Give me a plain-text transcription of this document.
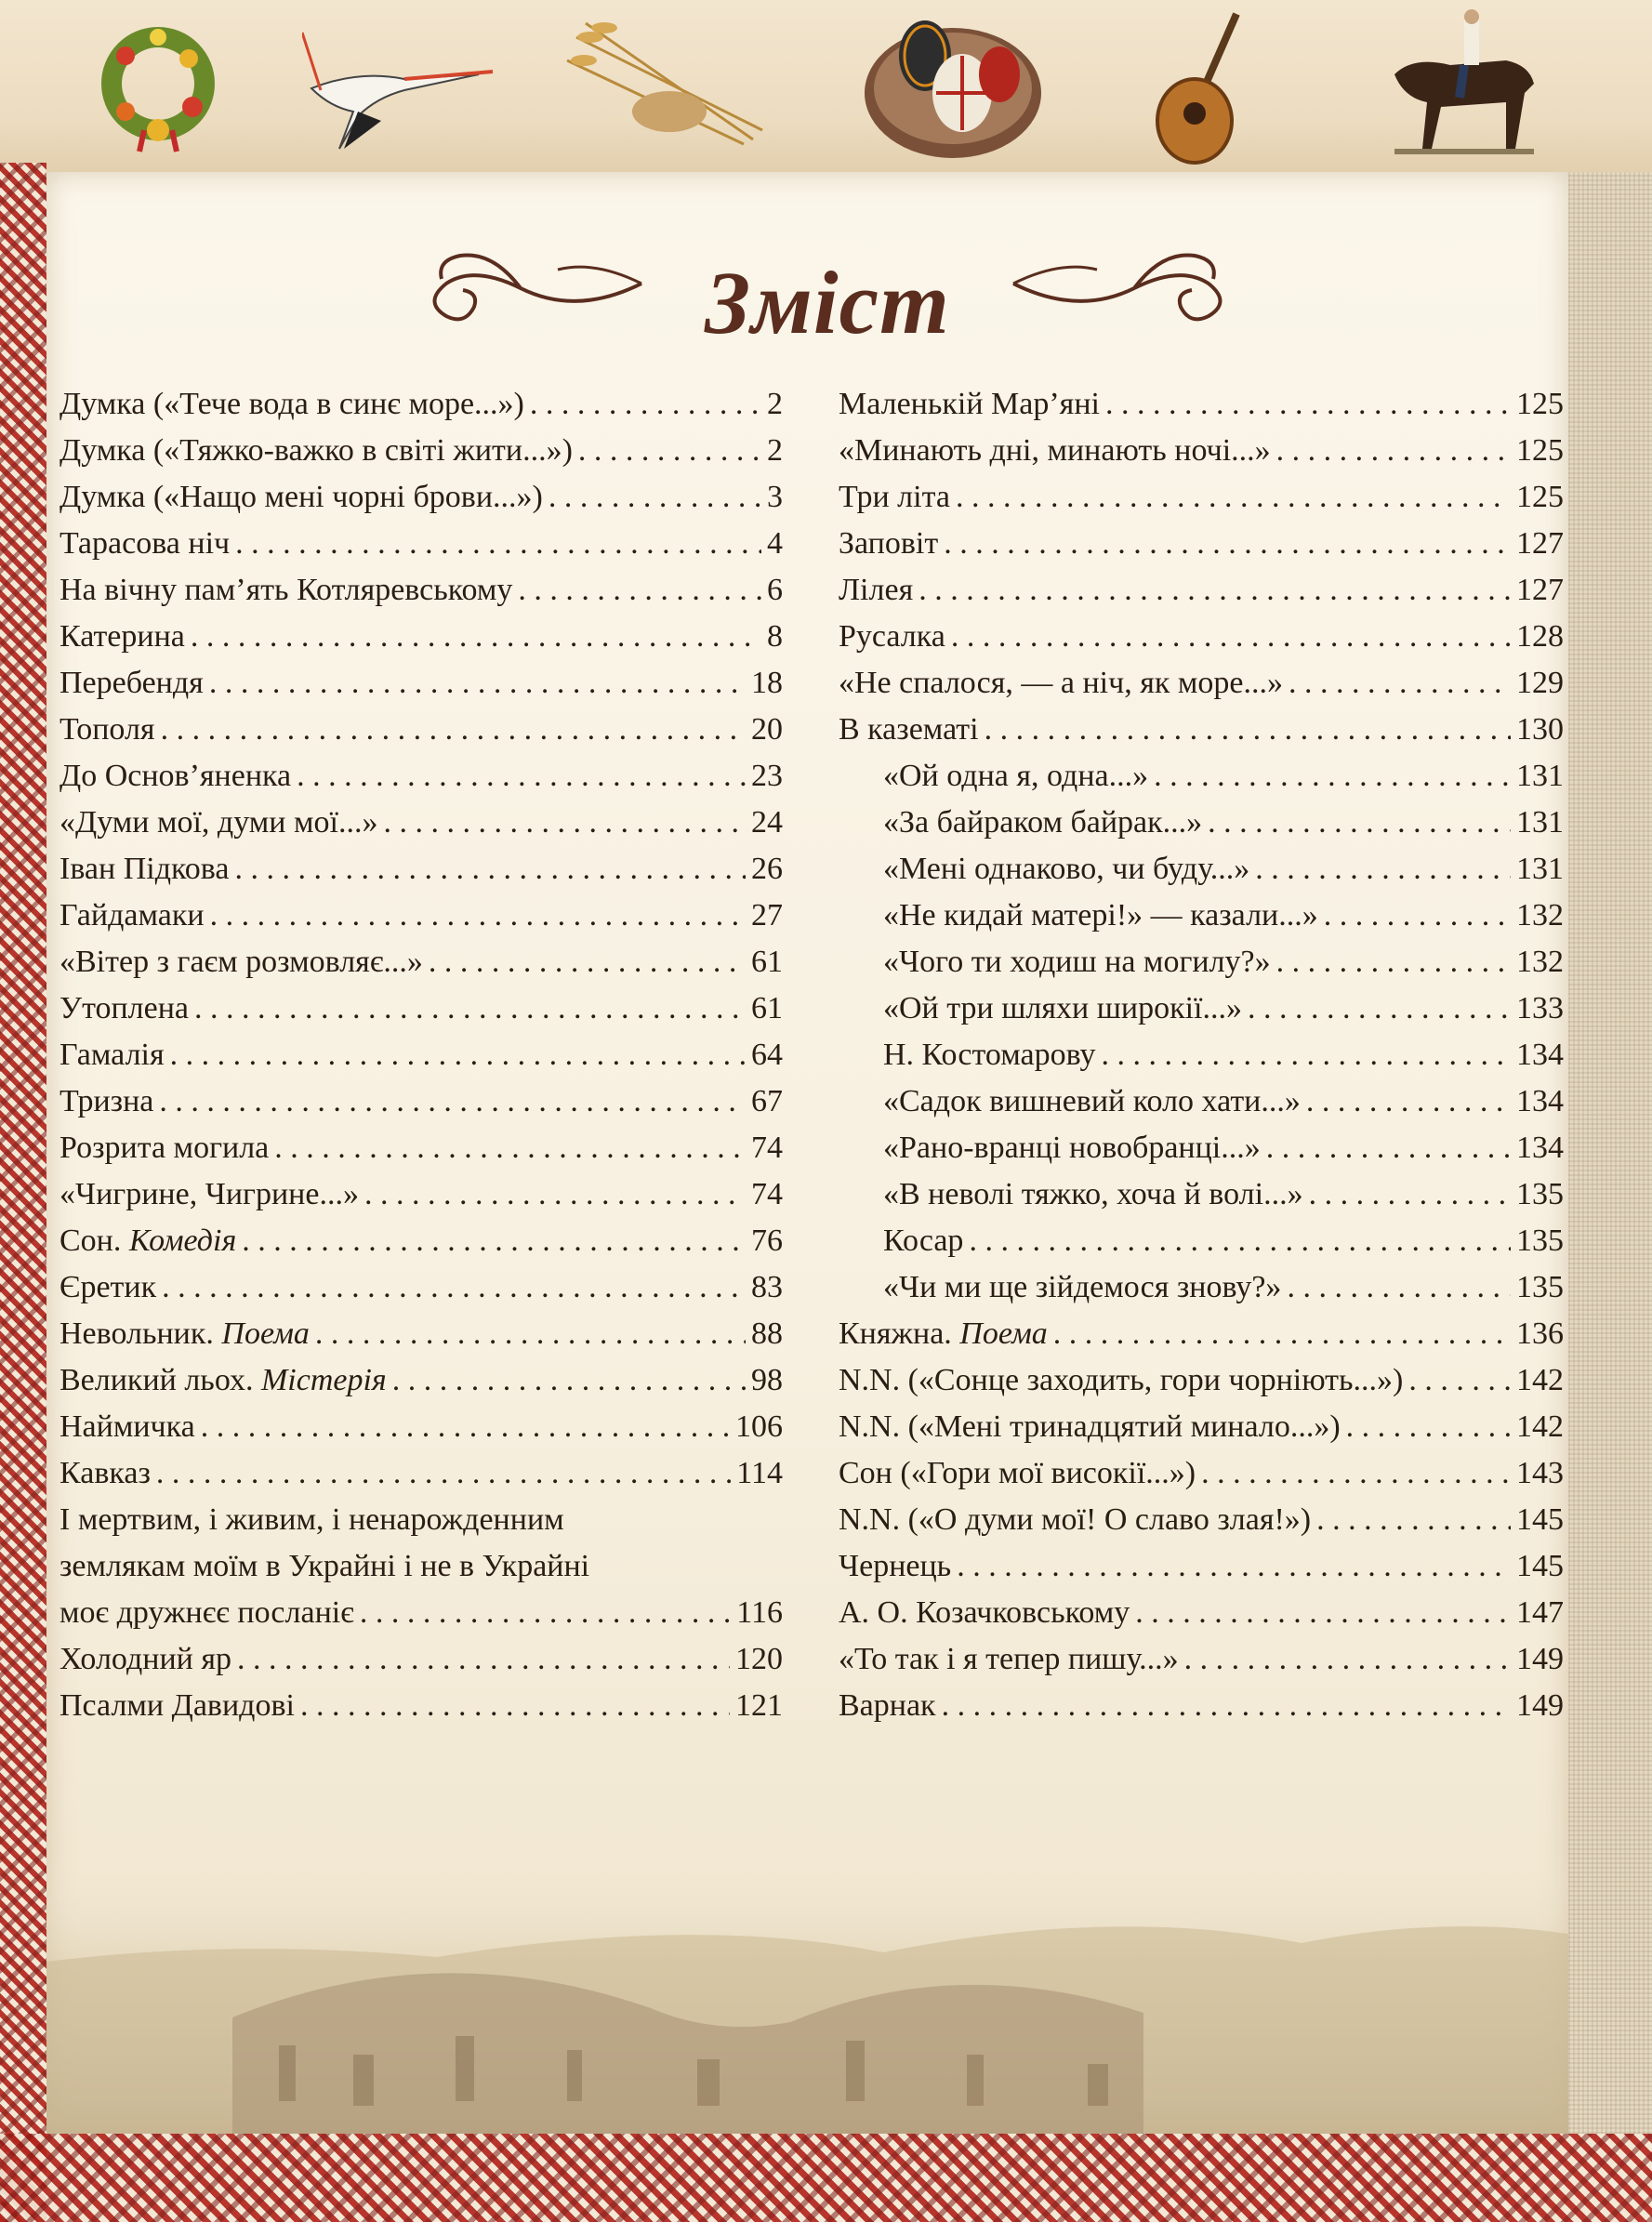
Зміст
Думка («Тече вода в синє море...») . . .	2
Думка («Тяжко-важко в світі жити...») . . .	2
Думка («Нащо мені чорні брови...») . . .	3
Тарасова ніч . . .	4
На вічну пам’ять Котляревському . . .	6
Катерина . . .	8
Перебендя . . .	18
Тополя . . .	20
До Основ’яненка . . .	23
«Думи мої, думи мої...» . . .	24
Іван Підкова . . .	26
Гайдамаки . . .	27
«Вітер з гаєм розмовляє...» . . .	61
Утоплена . . .	61
Гамалія . . .	64
Тризна . . .	67
Розрита могила . . .	74
«Чигрине, Чигрине...» . . .	74
Сон. Комедія . . .	76
Єретик . . .	83
Невольник. Поема . . .	88
Великий льох. Містерія . . .	98
Наймичка . . .	106
Кавказ . . .	114
І мертвим, і живим, і ненарожденним
землякам моїм в Украйні і не в Украйні
моє дружнєє посланіє . . .	116
Холодний яр . . .	120
Псалми Давидові . . .	121
Маленькій Мар’яні . . .	125
«Минають дні, минають ночі...» . . .	125
Три літа . . .	125
Заповіт . . .	127
Лілея . . .	127
Русалка . . .	128
«Не спалося, — а ніч, як море...» . . .	129
В казематі . . .	130
«Ой одна я, одна...» . . .	131
«За байраком байрак...» . . .	131
«Мені однаково, чи буду...» . . .	131
«Не кидай матері!» — казали...» . . .	132
«Чого ти ходиш на могилу?» . . .	132
«Ой три шляхи широкії...» . . .	133
Н. Костомарову . . .	134
«Садок вишневий коло хати...» . . .	134
«Рано-вранці новобранці...» . . .	134
«В неволі тяжко, хоча й волі...» . . .	135
Косар . . .	135
«Чи ми ще зійдемося знову?» . . .	135
Княжна. Поема . . .	136
N.N. («Сонце заходить, гори чорніють...») . . .	142
N.N. («Мені тринадцятий минало...») . . .	142
Сон («Гори мої високії...») . . .	143
N.N. («О думи мої! О славо злая!») . . .	145
Чернець . . .	145
А. О. Козачковському . . .	147
«То так і я тепер пишу...» . . .	149
Варнак . . .	149
